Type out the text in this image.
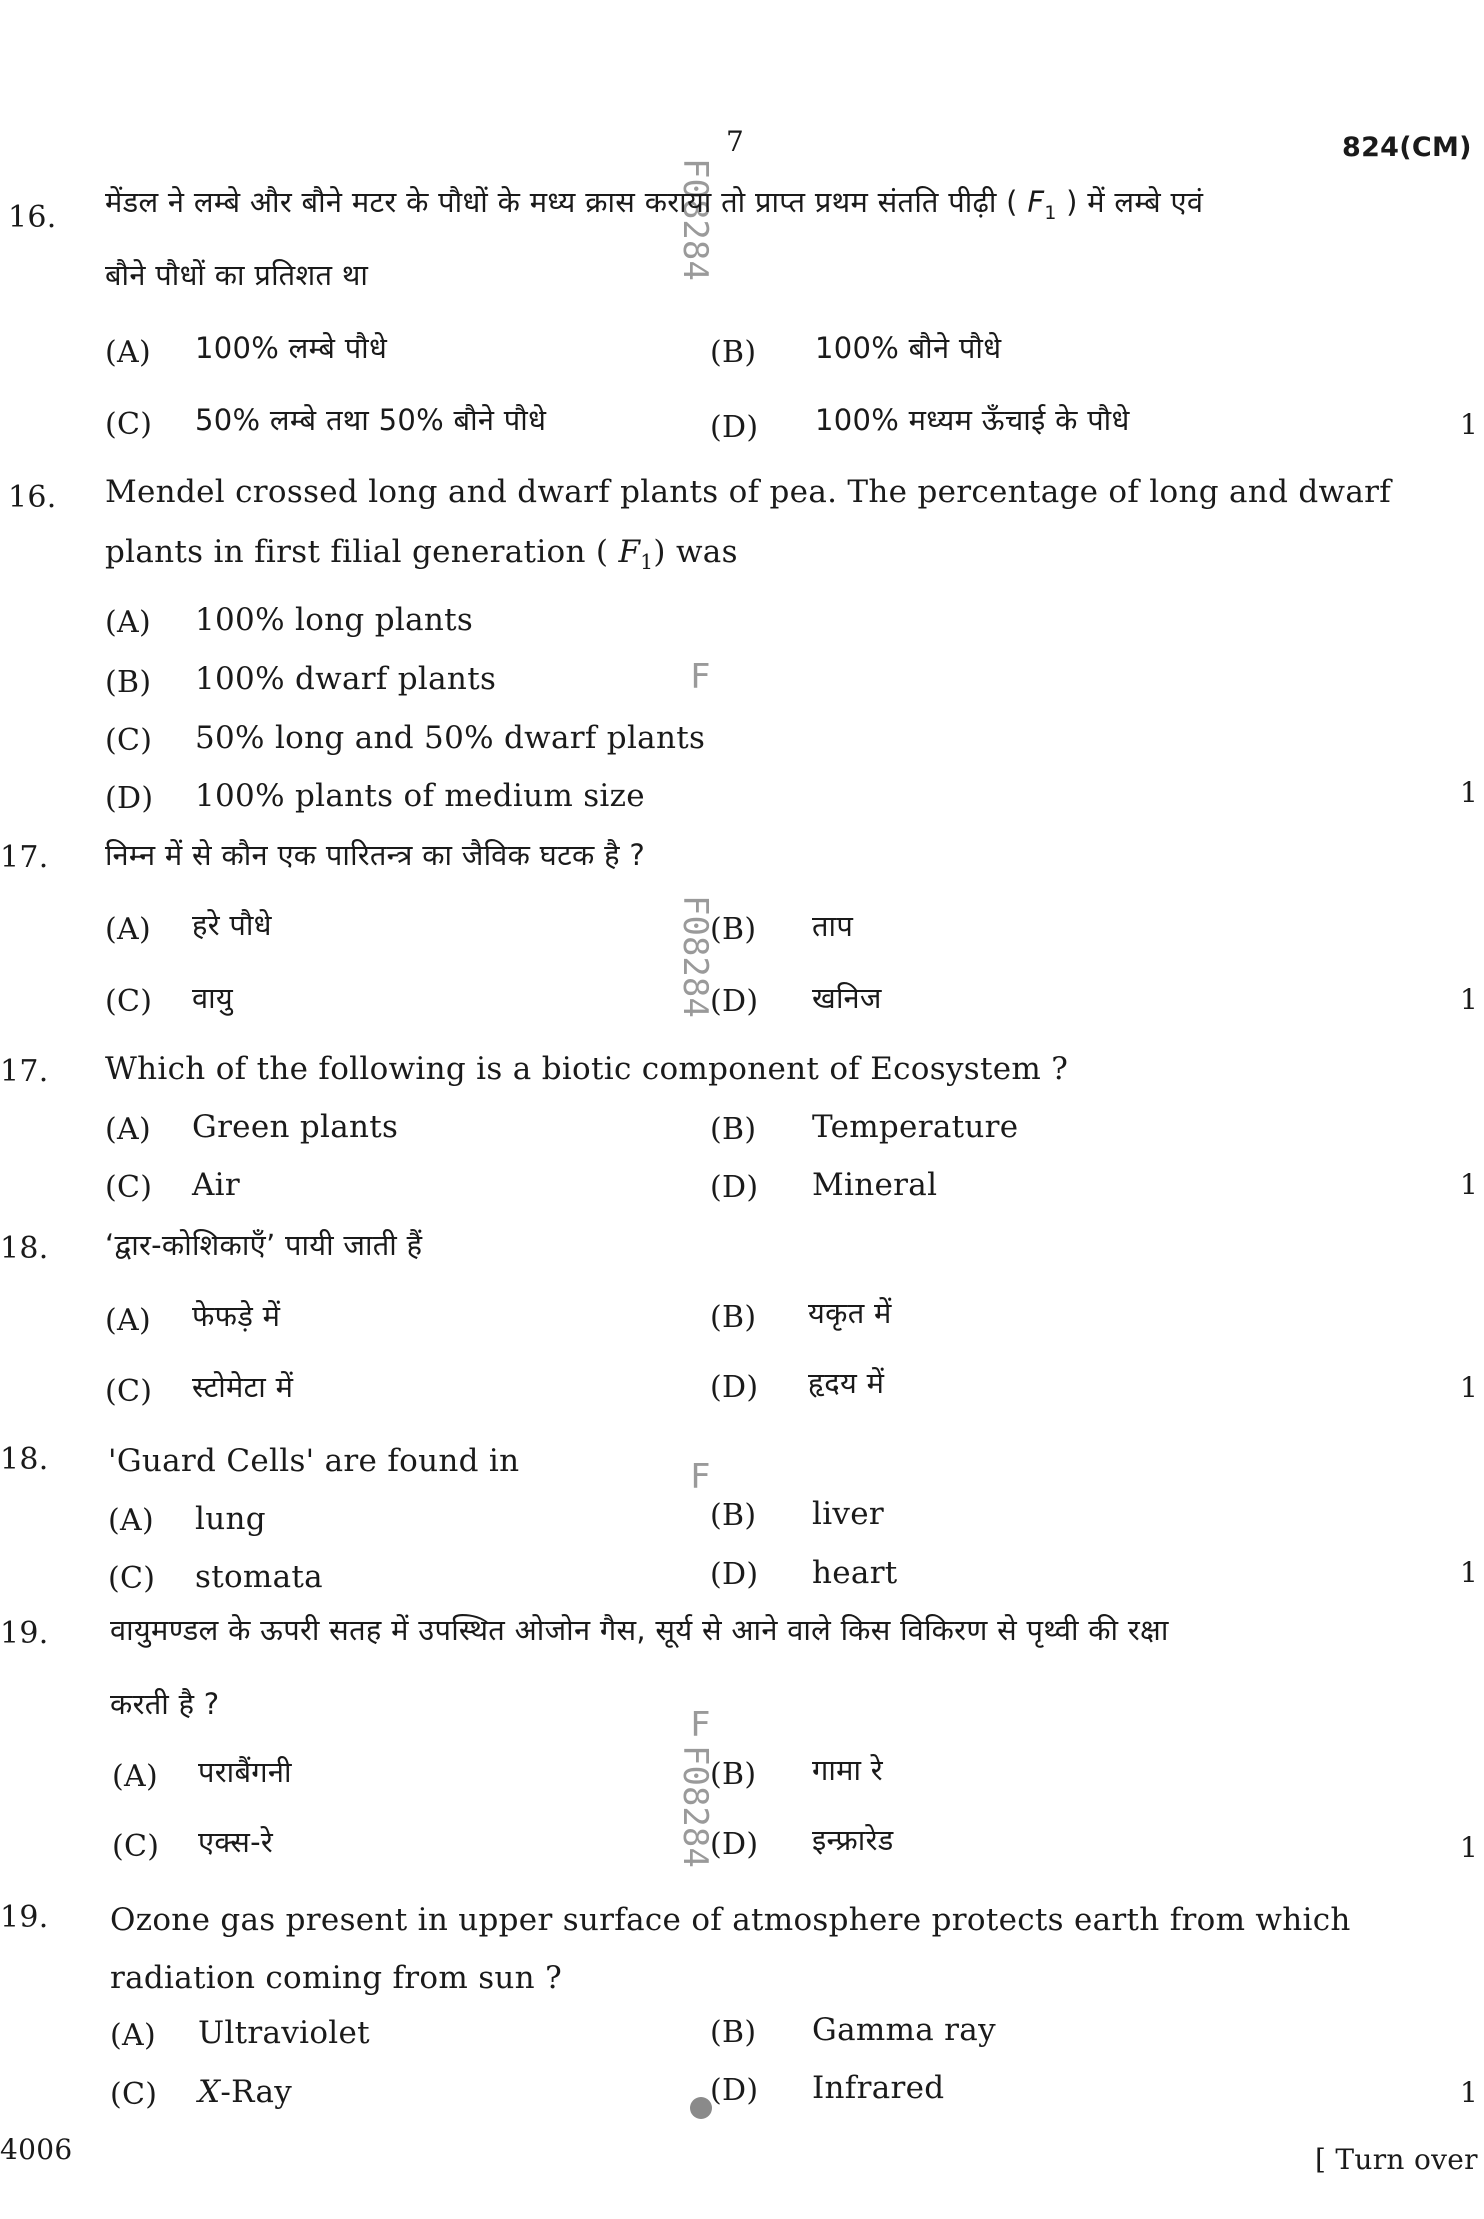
7	824(CM)
F08284
F
F08284
F
F
F08284
16. मेंडल ने लम्बे और बौने मटर के पौधों के मध्य क्रास कराया तो प्राप्त प्रथम संतति पीढ़ी ( $F_1$ ) में लम्बे एवं
बौने पौधों का प्रतिशत था
(A) 100% लम्बे पौधे	(B) 100% बौने पौधे
(C) 50% लम्बे तथा 50% बौने पौधे	(D) 100% मध्यम ऊँचाई के पौधे	1
16. Mendel crossed long and dwarf plants of pea. The percentage of long and dwarf
plants in first filial generation ( $F_1$) was
(A) 100% long plants
(B) 100% dwarf plants
(C) 50% long and 50% dwarf plants
(D) 100% plants of medium size	1
17. निम्न में से कौन एक पारितन्त्र का जैविक घटक है ?
(A) हरे पौधे	(B) ताप
(C) वायु	(D) खनिज	1
17. Which of the following is a biotic component of Ecosystem ?
(A) Green plants	(B) Temperature
(C) Air	(D) Mineral	1
18. ‘द्वार-कोशिकाएँ’ पायी जाती हैं
(A) फेफड़े में	(B) यकृत में
(C) स्टोमेटा में	(D) हृदय में	1
18. 'Guard Cells' are found in
(A) lung	(B) liver
(C) stomata	(D) heart	1
19. वायुमण्डल के ऊपरी सतह में उपस्थित ओजोन गैस, सूर्य से आने वाले किस विकिरण से पृथ्वी की रक्षा
करती है ?
(A) पराबैंगनी	(B) गामा रे
(C) एक्स-रे	(D) इन्फ्रारेड	1
19. Ozone gas present in upper surface of atmosphere protects earth from which
radiation coming from sun ?
(A) Ultraviolet	(B) Gamma ray
(C) X-Ray	(D) Infrared	1
4006	[ Turn over
